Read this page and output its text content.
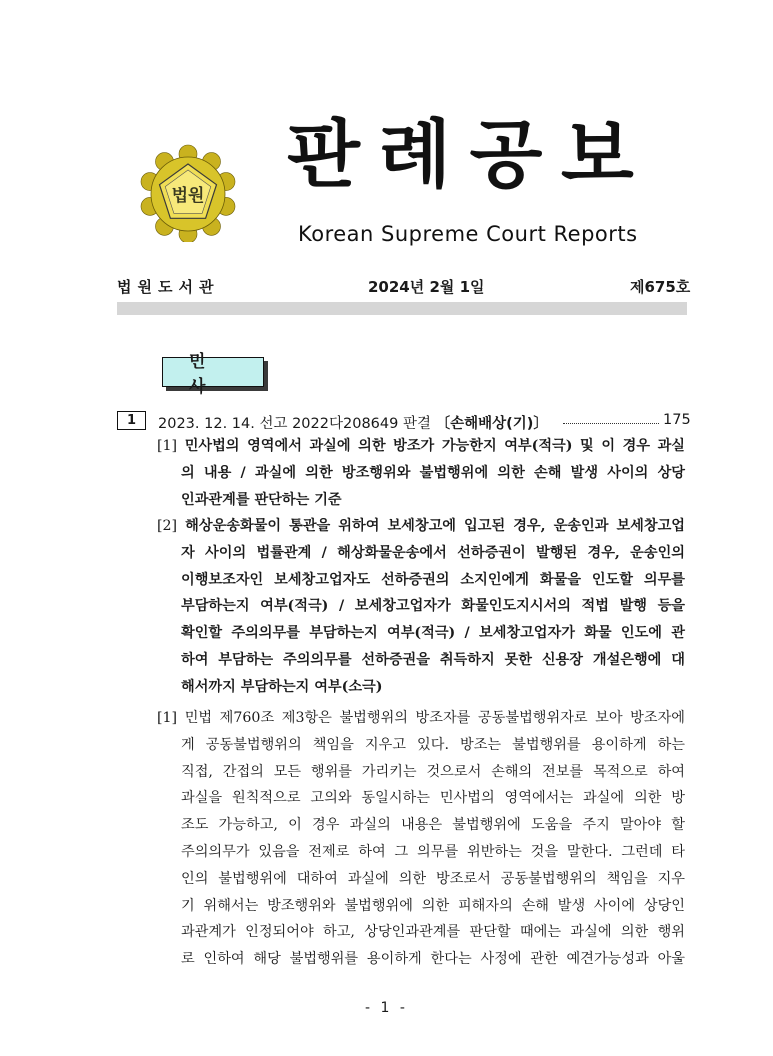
법원 판례공보
Korean Supreme Court Reports
법원도서관	2024년 2월 1일	제675호
민 사
1 2023. 12. 14. 선고 2022다208649 판결 〔손해배상(기)〕	175
[1] 민사법의 영역에서 과실에 의한 방조가 가능한지 여부(적극) 및 이 경우 과실
의 내용 / 과실에 의한 방조행위와 불법행위에 의한 손해 발생 사이의 상당
인과관계를 판단하는 기준
[2] 해상운송화물이 통관을 위하여 보세창고에 입고된 경우, 운송인과 보세창고업
자 사이의 법률관계 / 해상화물운송에서 선하증권이 발행된 경우, 운송인의
이행보조자인 보세창고업자도 선하증권의 소지인에게 화물을 인도할 의무를
부담하는지 여부(적극) / 보세창고업자가 화물인도지시서의 적법 발행 등을
확인할 주의의무를 부담하는지 여부(적극) / 보세창고업자가 화물 인도에 관
하여 부담하는 주의의무를 선하증권을 취득하지 못한 신용장 개설은행에 대
해서까지 부담하는지 여부(소극)
[1] 민법 제760조 제3항은 불법행위의 방조자를 공동불법행위자로 보아 방조자에
게 공동불법행위의 책임을 지우고 있다. 방조는 불법행위를 용이하게 하는
직접, 간접의 모든 행위를 가리키는 것으로서 손해의 전보를 목적으로 하여
과실을 원칙적으로 고의와 동일시하는 민사법의 영역에서는 과실에 의한 방
조도 가능하고, 이 경우 과실의 내용은 불법행위에 도움을 주지 말아야 할
주의의무가 있음을 전제로 하여 그 의무를 위반하는 것을 말한다. 그런데 타
인의 불법행위에 대하여 과실에 의한 방조로서 공동불법행위의 책임을 지우
기 위해서는 방조행위와 불법행위에 의한 피해자의 손해 발생 사이에 상당인
과관계가 인정되어야 하고, 상당인과관계를 판단할 때에는 과실에 의한 행위
로 인하여 해당 불법행위를 용이하게 한다는 사정에 관한 예견가능성과 아울
- 1 -
